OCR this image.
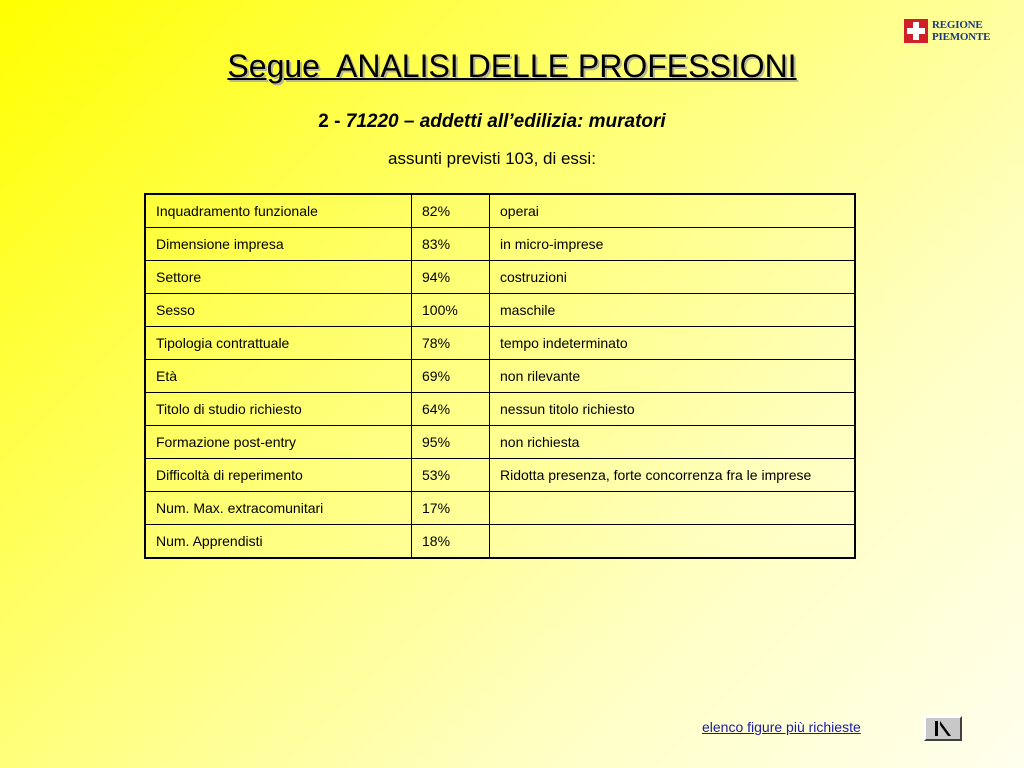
REGIONE
PIEMONTE
Segue  ANALISI DELLE PROFESSIONI
2 - 71220 – addetti all’edilizia: muratori
assunti previsti 103, di essi:
Inquadramento funzionale	82%	operai
Dimensione impresa	83%	in micro-imprese
Settore	94%	costruzioni
Sesso	100%	maschile
Tipologia contrattuale	78%	tempo indeterminato
Età	69%	non rilevante
Titolo di studio richiesto	64%	nessun titolo richiesto
Formazione post-entry	95%	non richiesta
Difficoltà di reperimento	53%	Ridotta presenza, forte concorrenza fra le imprese
Num. Max. extracomunitari	17%	
Num. Apprendisti	18%	
elenco figure più richieste
